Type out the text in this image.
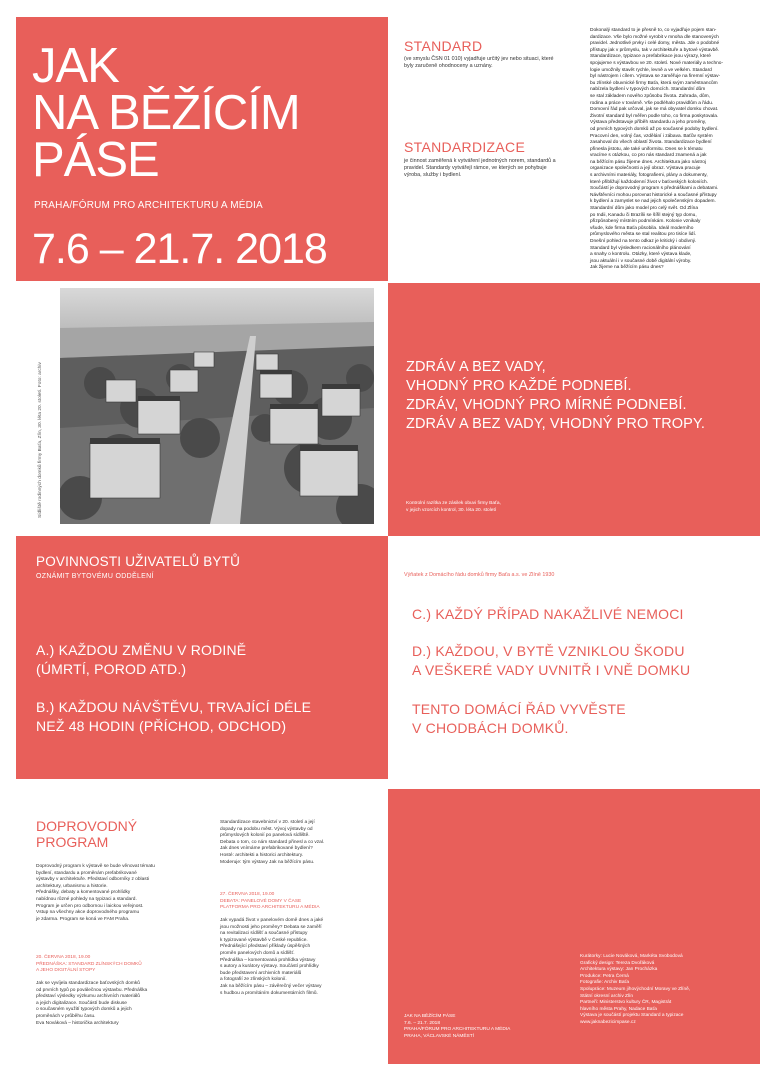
JAK
NA BĚŽÍCÍM
PÁSE
PRAHA/FÓRUM PRO ARCHITEKTURU A MÉDIA
7.6 – 21.7. 2018
STANDARD
(ve smyslu ČSN 01 010) vyjadřuje určitý jev nebo situaci, které byly zaručeně ohodnoceny a uznány.
STANDARDIZACE
je činnost zaměřená k vytváření jednotných norem, standardů a pravidel. Standardy vytvářejí rámce, ve kterých se pohybuje výroba, služby i bydlení.
Dokonalý standard to je přesně to, co vyjadřuje pojem stan-
dardizace. Vše bylo možné vyrobit v mnoha dle stanovených
pravidel. Jednotlivé prvky i celé domy, města. Jde o podobné
přístupy jak v průmyslu, tak v architektuře a bytové výstavbě.
Standardizace, typizace a prefabrikace jsou výrazy, které
spojujeme s výstavbou ve 20. století. Nové materiály a techno-
logie umožnily stavět rychle, levně a ve velkém. Standard
byl nástrojem i cílem. Výstava se zaměřuje na firemní výstav-
bu zlínské obuvnické firmy Baťa, která svým zaměstnancům
nabízela bydlení v typových domcích. Standardní dům
se stal základem nového způsobu života. Zahrada, dům,
rodina a práce v továrně. Vše podléhalo pravidlům a řádu.
Domovní řád pak určoval, jak se má obyvatel domku chovat.
Životní standard byl měřen podle toho, co firma poskytovala.
Výstava představuje příběh standardu a jeho proměny,
od prvních typových domků až po současné podoby bydlení.
Pracovní den, volný čas, vzdělání i zábava. Baťův systém
zasahoval do všech oblastí života. Standardizace bydlení
přinesla jistotu, ale také uniformitu. Dnes se k tématu
vracíme s otázkou, co pro nás standard znamená a jak
na běžícím pásu žijeme dnes. Architektura jako nástroj
organizace společnosti a její obraz. Výstava pracuje
s archivními materiály, fotografiemi, plány a dokumenty,
které přibližují každodenní život v baťovských koloniích.
Součástí je doprovodný program s přednáškami a debatami.
Návštěvníci mohou porovnat historické a současné přístupy
k bydlení a zamyslet se nad jejich společenským dopadem.
Standardní dům jako model pro celý svět. Od Zlína
po Indii, Kanadu či Brazílii se šířil stejný typ domu,
přizpůsobený místním podmínkám. Kolonie vznikaly
všude, kde firma Baťa působila. Ideál moderního
průmyslového města se stal realitou pro tisíce lidí.
Dnešní pohled na tento odkaz je kritický i obdivný.
Standard byl výsledkem racionálního plánování
a snahy o kontrolu. Otázky, které výstava klade,
jsou aktuální i v současné době digitální výroby.
Jak žijeme na běžícím pásu dnes?
Sídliště rodinných domků firmy Baťa, Zlín, 30. léta 20. století. Foto: archiv	ZDRÁV A BEZ VADY,
VHODNÝ PRO KAŽDÉ PODNEBÍ.
ZDRÁV, VHODNÝ PRO MÍRNÉ PODNEBÍ.
ZDRÁV A BEZ VADY, VHODNÝ PRO TROPY.
Kontrolní razítka ze zásilek obuvi firmy Baťa,
v jejich vzorcích kontrol, 30. léta 20. století
POVINNOSTI UŽIVATELŮ BYTŮ
OZNÁMIT BYTOVÉMU ODDĚLENÍ
A.) KAŽDOU ZMĚNU V RODINĚ
(ÚMRTÍ, POROD ATD.)
B.) KAŽDOU NÁVŠTĚVU, TRVAJÍCÍ DÉLE
NEŽ 48 HODIN (PŘÍCHOD, ODCHOD)
Výňatek z Domácího řádu domků firmy Baťa a.s. ve Zlíně 1930
C.) KAŽDÝ PŘÍPAD NAKAŽLIVÉ NEMOCI
D.) KAŽDOU, V BYTĚ VZNIKLOU ŠKODU
A VEŠKERÉ VADY UVNITŘ I VNĚ DOMKU
TENTO DOMÁCÍ ŘÁD VYVĚSTE
V CHODBÁCH DOMKŮ.
DOPROVODNÝ
PROGRAM
Doprovodný program k výstavě se bude věnovat tématu
bydlení, standardu a proměnám prefabrikované
výstavby v architektuře. Představí odborníky z oblasti
architektury, urbanismu a historie.
Přednášky, debaty a komentované prohlídky
nabídnou různé pohledy na typizaci a standard.
Program je určen pro odbornou i laickou veřejnost.
Vstup na všechny akce doprovodného programu
je zdarma. Program se koná ve FAM Praha.
20. ČERVNA 2018, 19.00
PŘEDNÁŠKA: STANDARD ZLÍNSKÝCH DOMKŮ
A JEHO DIGITÁLNÍ STOPY
Jak se vyvíjela standardizace baťovských domků
od prvních typů po poválečnou výstavbu. Přednáška
představí výsledky výzkumu archivních materiálů
a jejich digitalizace. Součástí bude diskuse
o současném využití typových domků a jejich
proměnách v průběhu času.
Eva Nováková – historička architektury
Standardizace stavebnictví v 20. století a její
dopady na podobu měst. Vývoj výstavby od
průmyslových kolonií po panelová sídliště.
Debata o tom, co nám standard přinesl a co vzal.
Jak dnes vnímáme prefabrikované bydlení?
Hosté: architekti a historici architektury.
Moderuje: tým výstavy Jak na běžícím pásu.
27. ČERVNA 2018, 19.00
DEBATA: PANELOVÉ DOMY V ČASE
PLATFORMA PRO ARCHITEKTURU A MÉDIA
Jak vypadá život v panelovém domě dnes a jaké
jsou možnosti jeho proměny? Debata se zaměří
na revitalizaci sídlišť a současné přístupy
k typizované výstavbě v České republice.
Přednášející představí příklady úspěšných
proměn panelových domů a sídlišť.
Přednáška – komentovaná prohlídka výstavy
s autory a kurátory výstavy. Součástí prohlídky
bude představení archivních materiálů
a fotografií ze zlínských kolonií.
Jak na běžícím pásu – závěrečný večer výstavy
s hudbou a promítáním dokumentárních filmů.
JAK NA BĚŽÍCÍM PÁSE
7.6. – 21.7. 2018
PRAHA/FÓRUM PRO ARCHITEKTURU A MÉDIA
PRAHA, VÁCLAVSKÉ NÁMĚSTÍ
Kurátorky: Lucie Nováková, Markéta Svobodová
Grafický design: Tereza Dvořáková
Architektura výstavy: Jan Procházka
Produkce: Petra Černá
Fotografie: Archiv Baťa
Spolupráce: Muzeum jihovýchodní Moravy ve Zlíně,
Státní okresní archiv Zlín
Partneři: Ministerstvo kultury ČR, Magistrát
hlavního města Prahy, Nadace Baťa
Výstava je součástí projektu Standard a typizace
www.jaknabezicimpase.cz
